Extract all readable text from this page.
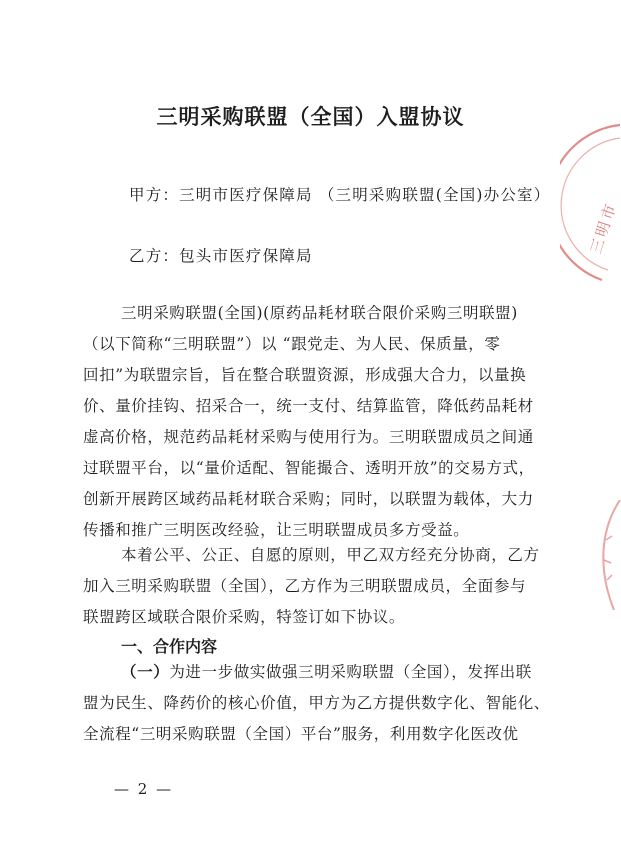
三明市
三明采购联盟（全国）入盟协议
甲方：三明市医疗保障局 （三明采购联盟(全国)办公室）
乙方：包头市医疗保障局
三明采购联盟(全国)(原药品耗材联合限价采购三明联盟)
（以下简称“三明联盟”）以 “跟党走、为人民、保质量，零
回扣”为联盟宗旨，旨在整合联盟资源，形成强大合力，以量换
价、量价挂钩、招采合一，统一支付、结算监管，降低药品耗材
虚高价格，规范药品耗材采购与使用行为。三明联盟成员之间通
过联盟平台，以“量价适配、智能撮合、透明开放”的交易方式，
创新开展跨区域药品耗材联合采购；同时，以联盟为载体，大力
传播和推广三明医改经验，让三明联盟成员多方受益。
本着公平、公正、自愿的原则，甲乙双方经充分协商，乙方
加入三明采购联盟（全国），乙方作为三明联盟成员，全面参与
联盟跨区域联合限价采购，特签订如下协议。
一、合作内容
（一）为进一步做实做强三明采购联盟（全国），发挥出联
盟为民生、降药价的核心价值，甲方为乙方提供数字化、智能化、
全流程“三明采购联盟（全国）平台”服务，利用数字化医改优
— 2 —
